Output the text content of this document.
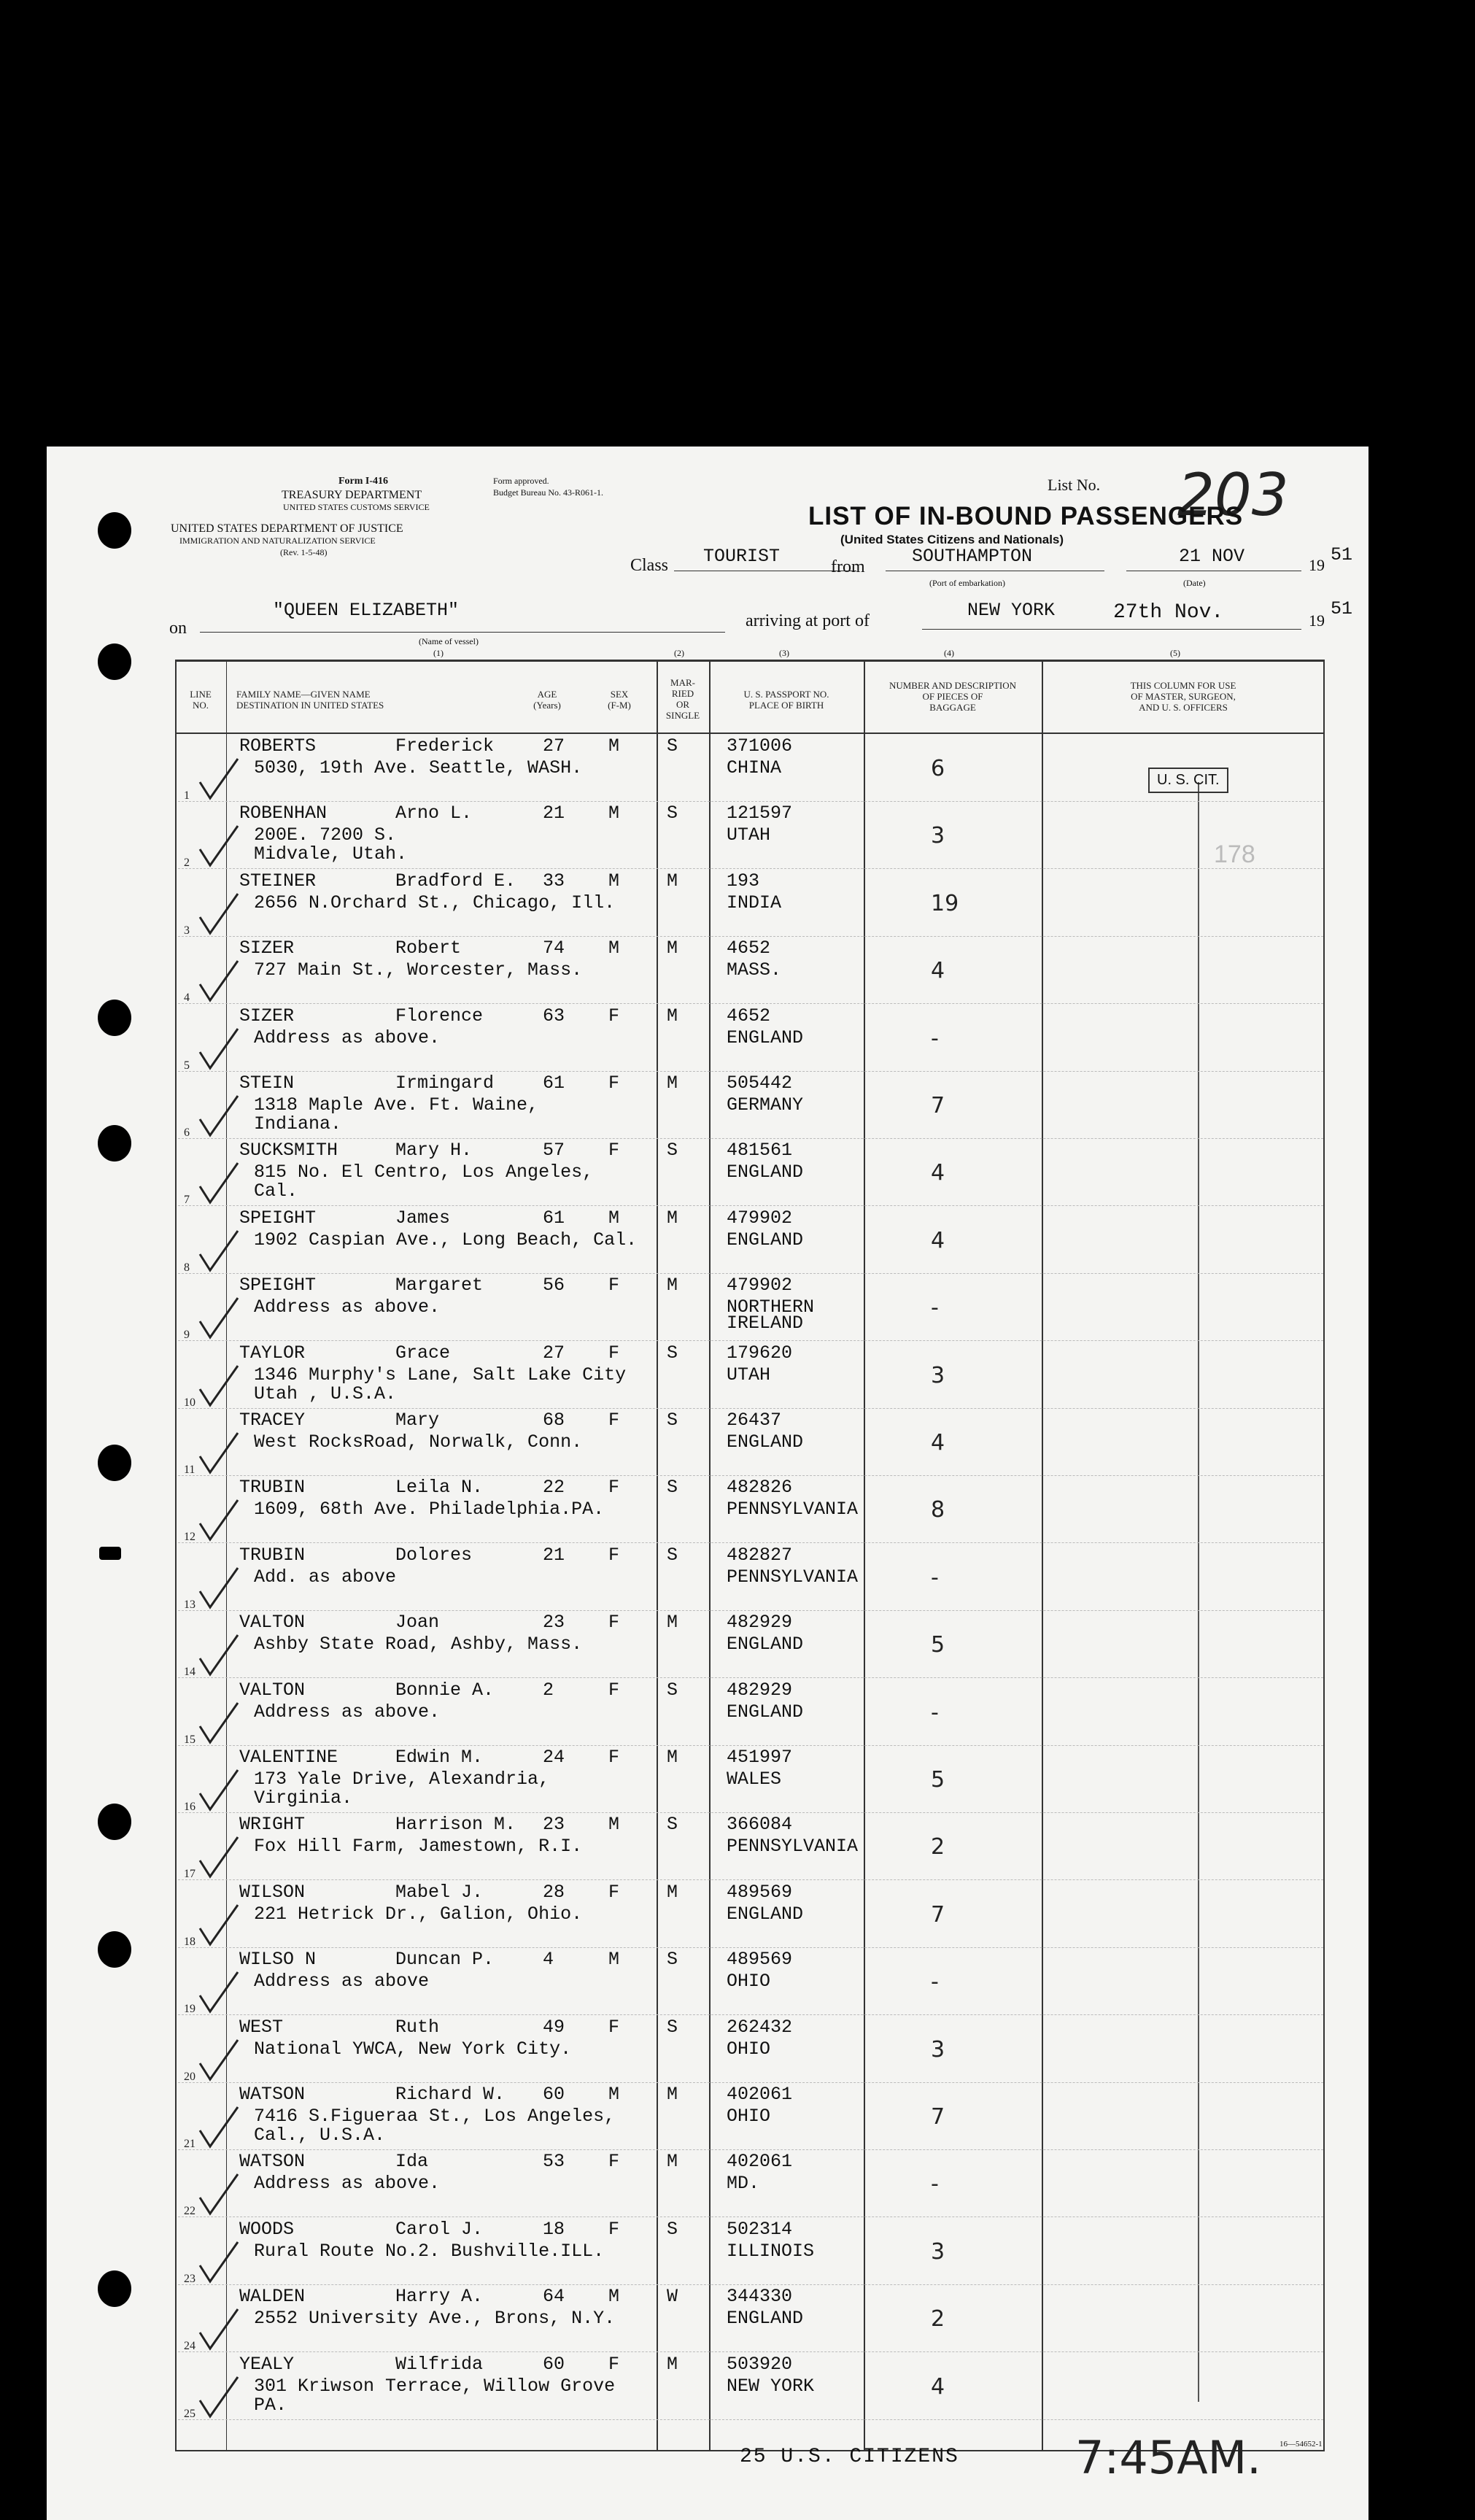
Form I-416
TREASURY DEPARTMENT
UNITED STATES CUSTOMS SERVICE
UNITED STATES DEPARTMENT OF JUSTICE
IMMIGRATION AND NATURALIZATION SERVICE
(Rev. 1-5-48)
Form approved.
Budget Bureau No. 43-R061-1.	List No. 203
LIST OF IN-BOUND PASSENGERS
(United States Citizens and Nationals)
Class TOURIST	from	SOUTHAMPTON
(Port of embarkation)
21 NOV	19 51
(Date)
on
"QUEEN ELIZABETH"
(Name of vessel)
arriving at port of	NEW YORK	27th Nov.	19
51
(1)	(2)	(3)	(4)	(5)
LINE
NO.
FAMILY NAME—GIVEN NAME
DESTINATION IN UNITED STATES
AGE
(Years)
SEX
(F-M)
MAR-
RIED
OR
SINGLE
U. S. PASSPORT NO.
PLACE OF BIRTH
NUMBER AND DESCRIPTION
OF PIECES OF
BAGGAGE
THIS COLUMN FOR USE
OF MASTER, SURGEON,
AND U. S. OFFICERS
U. S. CIT.
178
1
ROBERTS	Frederick	27 M	S	371006
5030, 19th Ave. Seattle, WASH.	CHINA	6
2
ROBENHAN	Arno L.	21 M	S	121597
200E. 7200 S.
Midvale, Utah.
UTAH	3
3
STEINER	Bradford E. 33 M	M	193
2656 N.Orchard St., Chicago, Ill.	INDIA	19
4
SIZER	Robert	74 M	M	4652
727 Main St., Worcester, Mass.	MASS.	4
5
SIZER	Florence	63 F	M	4652
Address as above.	ENGLAND	-
6
STEIN	Irmingard	61 F	M	505442
1318 Maple Ave. Ft. Waine,
Indiana.
GERMANY	7
7
SUCKSMITH	Mary H.	57 F	S	481561
815 No. El Centro, Los Angeles,
Cal.
ENGLAND	4
8
SPEIGHT	James	61 M	M	479902
1902 Caspian Ave., Long Beach, Cal.	ENGLAND	4
9
SPEIGHT	Margaret	56 F	M	479902
Address as above.	NORTHERN
IRELAND
-
10
TAYLOR	Grace	27 F	S	179620
1346 Murphy's Lane, Salt Lake City
Utah , U.S.A.
UTAH	3
11
TRACEY	Mary	68 F	S	26437
West RocksRoad, Norwalk, Conn.	ENGLAND	4
12
TRUBIN	Leila N.	22 F	S	482826
1609, 68th Ave. Philadelphia.PA.	PENNSYLVANIA	8
13
TRUBIN	Dolores	21 F	S	482827
Add. as above	PENNSYLVANIA	-
14
VALTON	Joan	23 F	M	482929
Ashby State Road, Ashby, Mass.	ENGLAND	5
15
VALTON	Bonnie A.	2	F	S	482929
Address as above.	ENGLAND	-
16
VALENTINE	Edwin M.	24 F	M	451997
173 Yale Drive, Alexandria,
Virginia.
WALES	5
17
WRIGHT	Harrison M. 23 M	S	366084
Fox Hill Farm, Jamestown, R.I.	PENNSYLVANIA	2
18
WILSON	Mabel J.	28 F	M	489569
221 Hetrick Dr., Galion, Ohio.	ENGLAND	7
19
WILSO N	Duncan P.	4	M	S	489569
Address as above	OHIO	-
20
WEST	Ruth	49 F	S	262432
National YWCA, New York City.	OHIO	3
21
WATSON	Richard W. 60 M	M	402061
7416 S.Figueraa St., Los Angeles,
Cal., U.S.A.
OHIO	7
22
WATSON	Ida	53 F	M	402061
Address as above.	MD.	-
23
WOODS	Carol J.	18 F	S	502314
Rural Route No.2. Bushville.ILL.	ILLINOIS	3
24
WALDEN	Harry A.	64 M	W	344330
2552 University Ave., Brons, N.Y.	ENGLAND	2
25
YEALY	Wilfrida	60 F	M	503920
301 Kriwson Terrace, Willow Grove
PA.
NEW YORK	4
25 U.S. CITIZENS	7:45AM. 16—54652-1
